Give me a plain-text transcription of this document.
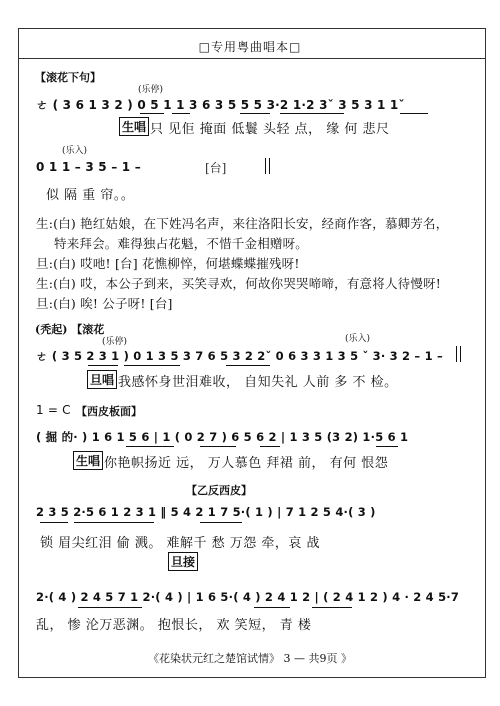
□专用粤曲唱本□
【滚花下句】
(乐停)
ㄜ ( 3 6 1 3 2 ) 0 5 1 1 3 6 3 5 5 5 3·2 1·2 3ˇ 3 5 3 1 1ˇ
生唱 只 见佢 掩面 低鬟 头轻 点， 缘 何 悲尺
(乐入)
0 1 1 – 3 5 – 1 –	[台]
似 隔 重 帘。。
生:(白) 艳红姑娘，在下姓冯名声，来往洛阳长安，经商作客，慕卿芳名，
特来拜会。难得独占花魁，不惜千金相赠呀。
旦:(白) 哎吔! [台] 花憔柳悴，何堪蝶蝶摧残呀!
生:(白) 哎，本公子到来，买笑寻欢，何故你哭哭啼啼，有意将人待慢呀!
旦:(白) 唉! 公子呀! [台]
(秃起) 【滚花
(乐停)	(乐入)
ㄜ ( 3 5 2 3 1 ) 0 1 3 5 3 7 6 5 3 2 2ˇ 0 6 3 3 1 3 5 ˇ 3· 3 2 – 1 –
旦唱 我感怀身世泪难收， 自知失礼 人前 多 不 检。
1 = C 【西皮板面】
( 掘 的· ) 1 6 1 5 6 | 1 ( 0 2 7 ) 6 5 6 2 | 1 3 5 (3 2) 1·5 6 1
生唱 你艳帜扬近 远， 万人慕色 拜裙 前， 有何 恨怨
【乙反西皮】
2 3 5 2·5 6 1 2 3 1 ‖ 5 4 2 1 7 5·( 1 ) | 7 1 2 5 4·( 3 )
锁 眉尖红泪 偷 溅。 难解千 愁 万怨 牵，哀 战
旦接
2·( 4 ) 2 4 5 7 1 2·( 4 ) | 1 6 5·( 4 ) 2 4 1 2 | ( 2 4 1 2 ) 4 · 2 4 5·7
乱， 惨 沦万恶渊。 抱恨长， 欢 笑短， 青 楼
《花染状元红之楚馆试情》 3 — 共9页 》
